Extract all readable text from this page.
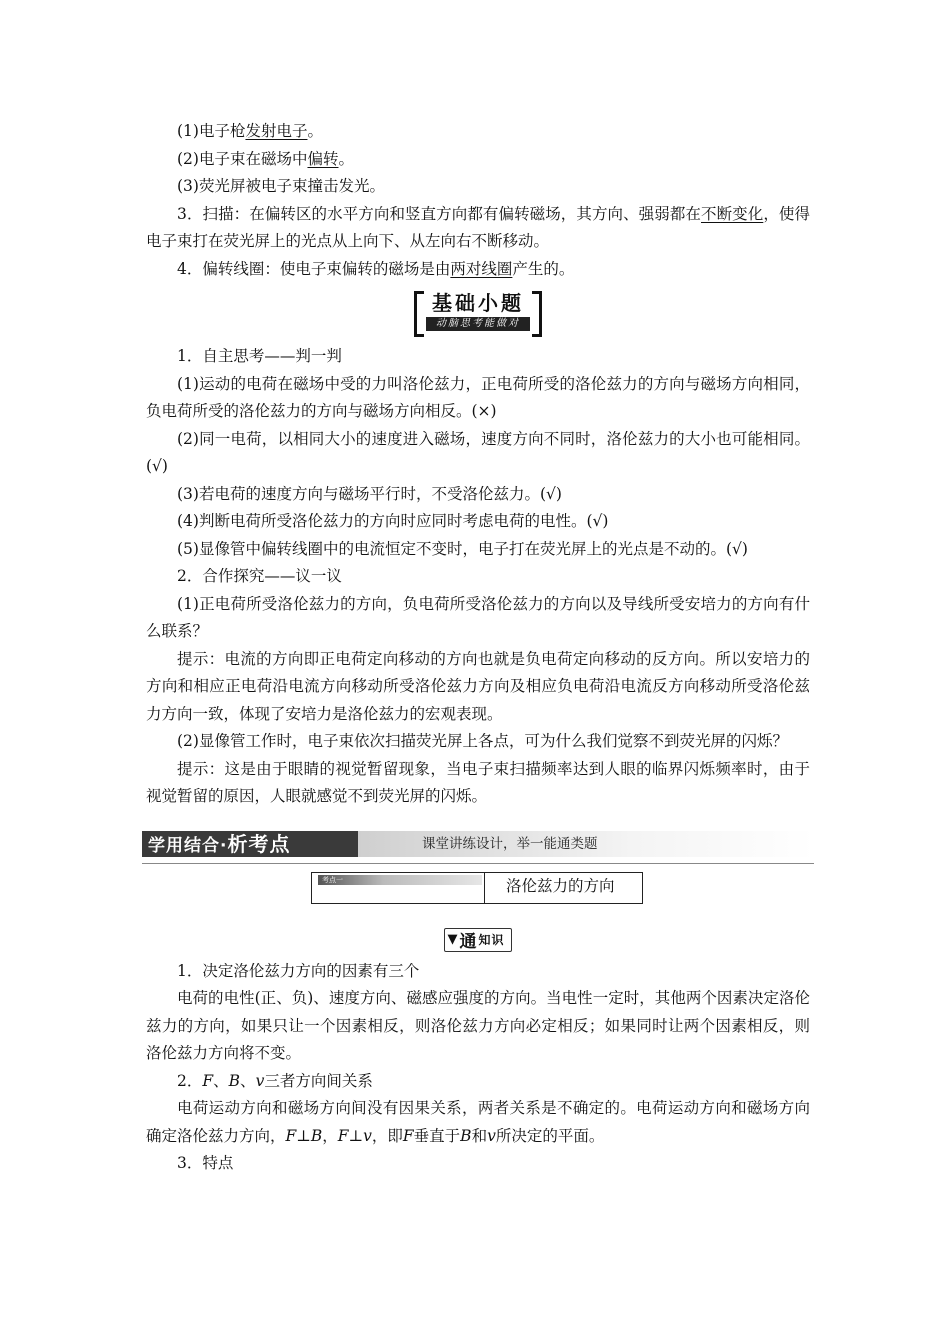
(1)电子枪发射电子。

(2)电子束在磁场中偏转。

(3)荧光屏被电子束撞击发光。

3．扫描：在偏转区的水平方向和竖直方向都有偏转磁场，其方向、强弱都在不断变化，使得电子束打在荧光屏上的光点从上向下、从左向右不断移动。

4．偏转线圈：使电子束偏转的磁场是由两对线圈产生的。

基础小题
动脑思考能做对

1．自主思考——判一判

(1)运动的电荷在磁场中受的力叫洛伦兹力，正电荷所受的洛伦兹力的方向与磁场方向相同，负电荷所受的洛伦兹力的方向与磁场方向相反。(×)

(2)同一电荷，以相同大小的速度进入磁场，速度方向不同时，洛伦兹力的大小也可能相同。(√)

(3)若电荷的速度方向与磁场平行时，不受洛伦兹力。(√)

(4)判断电荷所受洛伦兹力的方向时应同时考虑电荷的电性。(√)

(5)显像管中偏转线圈中的电流恒定不变时，电子打在荧光屏上的光点是不动的。(√)

2．合作探究——议一议

(1)正电荷所受洛伦兹力的方向，负电荷所受洛伦兹力的方向以及导线所受安培力的方向有什么联系？

提示：电流的方向即正电荷定向移动的方向也就是负电荷定向移动的反方向。所以安培力的方向和相应正电荷沿电流方向移动所受洛伦兹力方向及相应负电荷沿电流反方向移动所受洛伦兹力方向一致，体现了安培力是洛伦兹力的宏观表现。

(2)显像管工作时，电子束依次扫描荧光屏上各点，可为什么我们觉察不到荧光屏的闪烁？

提示：这是由于眼睛的视觉暂留现象，当电子束扫描频率达到人眼的临界闪烁频率时，由于视觉暂留的原因，人眼就感觉不到荧光屏的闪烁。

学用结合·析考点	课堂讲练设计，举一能通类题
考点一	洛伦兹力的方向
▼ 通 知识

1．决定洛伦兹力方向的因素有三个

电荷的电性(正、负)、速度方向、磁感应强度的方向。当电性一定时，其他两个因素决定洛伦兹力的方向，如果只让一个因素相反，则洛伦兹力方向必定相反；如果同时让两个因素相反，则洛伦兹力方向将不变。

2．F、B、v三者方向间关系

电荷运动方向和磁场方向间没有因果关系，两者关系是不确定的。电荷运动方向和磁场方向确定洛伦兹力方向，F⊥B，F⊥v，即F垂直于B和v所决定的平面。

3．特点
